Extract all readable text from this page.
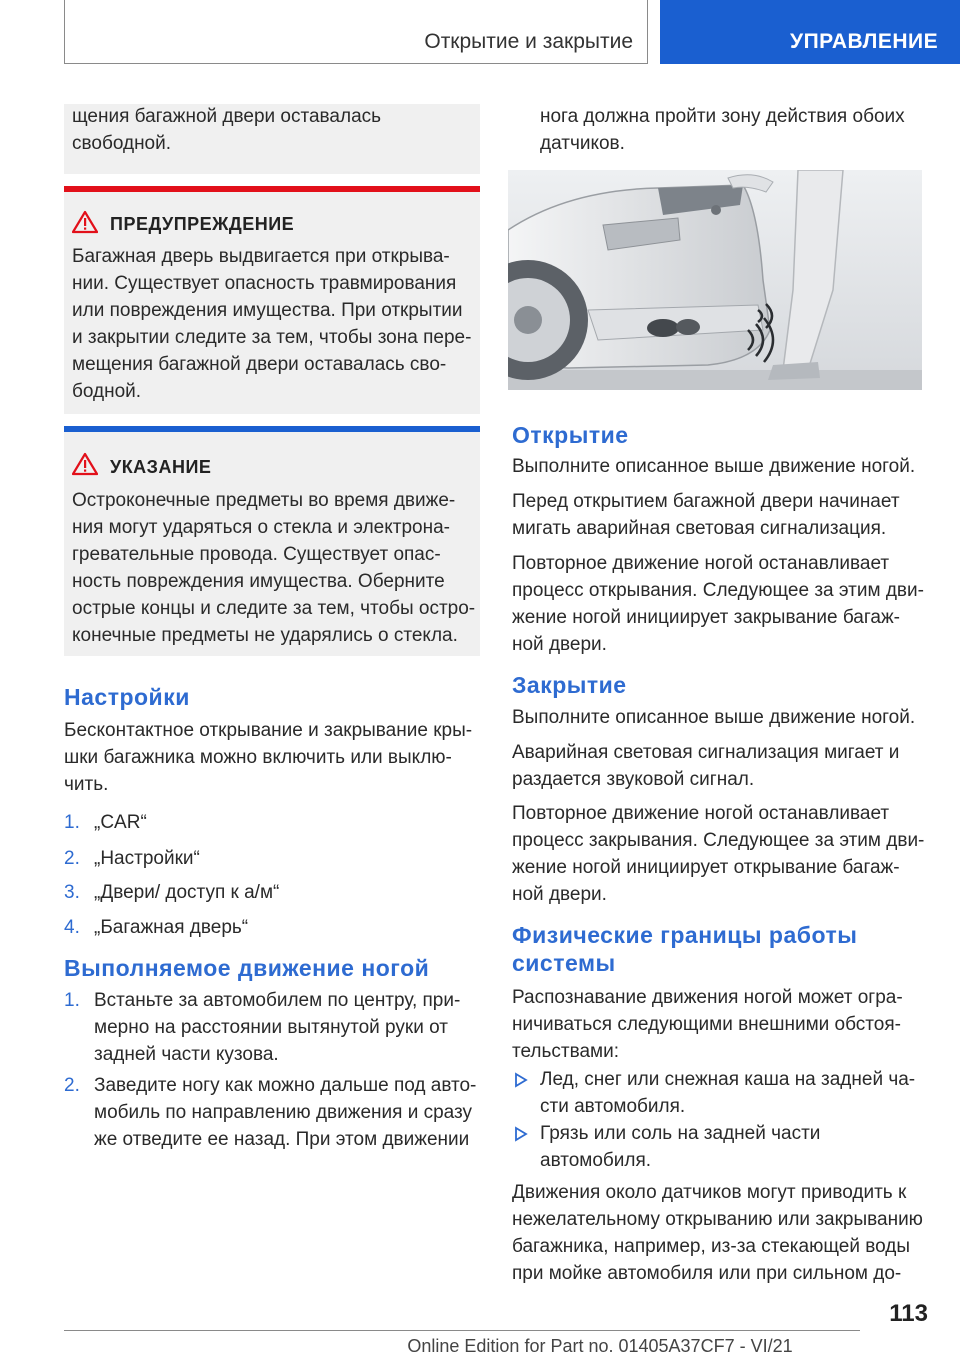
Открытие и закрытие	УПРАВЛЕНИЕ
щения багажной двери оставалась
свободной.
ПРЕДУПРЕЖДЕНИЕ
Багажная дверь выдвигается при открыва-
нии. Существует опасность травмирования
или повреждения имущества. При открытии
и закрытии следите за тем, чтобы зона пере-
мещения багажной двери оставалась сво-
бодной.
УКАЗАНИЕ
Остроконечные предметы во время движе-
ния могут ударяться о стекла и электрона-
гревательные провода. Существует опас-
ность повреждения имущества. Оберните
острые концы и следите за тем, чтобы остро-
конечные предметы не ударялись о стекла.
Настройки
Бесконтактное открывание и закрывание кры-
шки багажника можно включить или выклю-
чить.
1. „CAR“
2. „Настройки“
3. „Двери/ доступ к а/м“
4. „Багажная дверь“
Выполняемое движение ногой
1. Встаньте за автомобилем по центру, при-
мерно на расстоянии вытянутой руки от
задней части кузова.
2. Заведите ногу как можно дальше под авто-
мобиль по направлению движения и сразу
же отведите ее назад. При этом движении
нога должна пройти зону действия обоих
датчиков.
Открытие
Выполните описанное выше движение ногой.
Перед открытием багажной двери начинает
мигать аварийная световая сигнализация.
Повторное движение ногой останавливает
процесс открывания. Следующее за этим дви-
жение ногой инициирует закрывание багаж-
ной двери.
Закрытие
Выполните описанное выше движение ногой.
Аварийная световая сигнализация мигает и
раздается звуковой сигнал.
Повторное движение ногой останавливает
процесс закрывания. Следующее за этим дви-
жение ногой инициирует открывание багаж-
ной двери.
Физические границы работы
системы
Распознавание движения ногой может огра-
ничиваться следующими внешними обстоя-
тельствами:
Лед, снег или снежная каша на задней ча-
сти автомобиля.
Грязь или соль на задней части
автомобиля.
Движения около датчиков могут приводить к
нежелательному открыванию или закрыванию
багажника, например, из-за стекающей воды
при мойке автомобиля или при сильном до-
113
Online Edition for Part no. 01405A37CF7 - VI/21
